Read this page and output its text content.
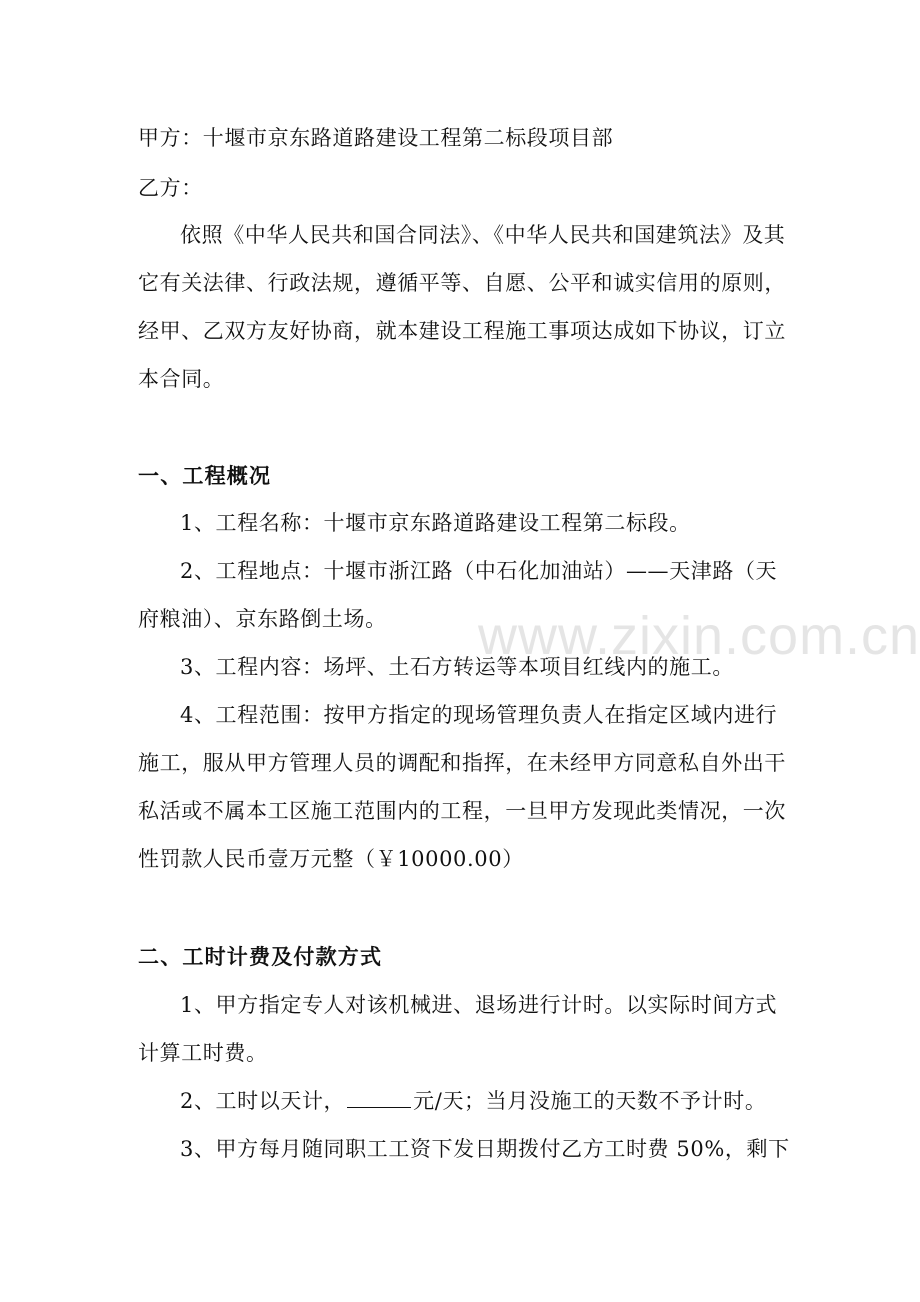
甲方：十堰市京东路道路建设工程第二标段项目部
乙方：
依照《中华人民共和国合同法》、《中华人民共和国建筑法》及其
它有关法律、行政法规，遵循平等、自愿、公平和诚实信用的原则，
经甲、乙双方友好协商，就本建设工程施工事项达成如下协议，订立
本合同。
一、工程概况
1、工程名称：十堰市京东路道路建设工程第二标段。
2、工程地点：十堰市浙江路（中石化加油站）——天津路（天
府粮油）、京东路倒土场。
3、工程内容：场坪、土石方转运等本项目红线内的施工。
4、工程范围：按甲方指定的现场管理负责人在指定区域内进行
施工，服从甲方管理人员的调配和指挥，在未经甲方同意私自外出干
私活或不属本工区施工范围内的工程，一旦甲方发现此类情况，一次
性罚款人民币壹万元整（￥10000.00）
二、工时计费及付款方式
1、甲方指定专人对该机械进、退场进行计时。以实际时间方式
计算工时费。
2、工时以天计，	元/天；当月没施工的天数不予计时。
3、甲方每月随同职工工资下发日期拨付乙方工时费 50%，剩下
www.zixin.com.cn
